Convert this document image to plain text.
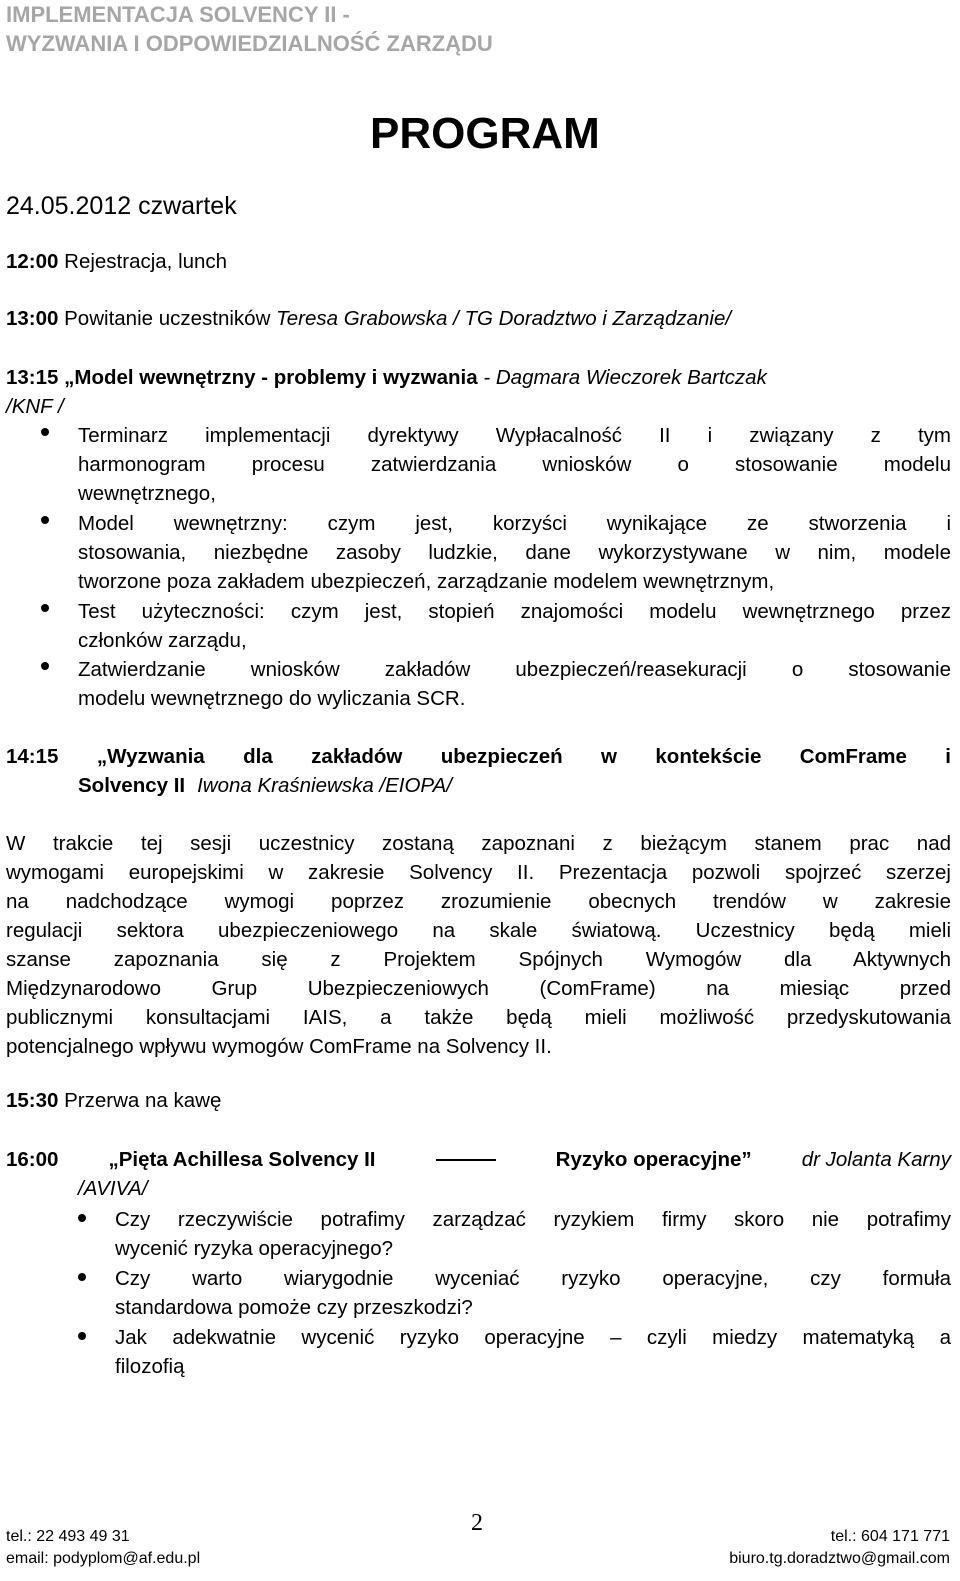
IMPLEMENTACJA SOLVENCY II -
WYZWANIA I ODPOWIEDZIALNOŚĆ ZARZĄDU
PROGRAM
24.05.2012 czwartek
12:00 Rejestracja, lunch
13:00 Powitanie uczestników Teresa Grabowska / TG Doradztwo i Zarządzanie/
13:15 „Model wewnętrzny - problemy i wyzwania - Dagmara Wieczorek Bartczak
/KNF /
Terminarz implementacji dyrektywy Wypłacalność II i związany z tym
harmonogram procesu zatwierdzania wniosków o stosowanie modelu
wewnętrznego,
Model wewnętrzny: czym jest, korzyści wynikające ze stworzenia i
stosowania, niezbędne zasoby ludzkie, dane wykorzystywane w nim, modele
tworzone poza zakładem ubezpieczeń, zarządzanie modelem wewnętrznym,
Test użyteczności: czym jest, stopień znajomości modelu wewnętrznego przez
członków zarządu,
Zatwierdzanie wniosków zakładów ubezpieczeń/reasekuracji o stosowanie
modelu wewnętrznego do wyliczania SCR.
14:15 „Wyzwania dla zakładów ubezpieczeń w kontekście ComFrame i
Solvency II Iwona Kraśniewska /EIOPA/
W trakcie tej sesji uczestnicy zostaną zapoznani z bieżącym stanem prac nad
wymogami europejskimi w zakresie Solvency II. Prezentacja pozwoli spojrzeć szerzej
na nadchodzące wymogi poprzez zrozumienie obecnych trendów w zakresie
regulacji sektora ubezpieczeniowego na skale światową. Uczestnicy będą mieli
szanse zapoznania się z Projektem Spójnych Wymogów dla Aktywnych
Międzynarodowo Grup Ubezpieczeniowych (ComFrame) na miesiąc przed
publicznymi konsultacjami IAIS, a także będą mieli możliwość przedyskutowania
potencjalnego wpływu wymogów ComFrame na Solvency II.
15:30 Przerwa na kawę
16:00 „Pięta Achillesa Solvency II	Ryzyko operacyjne” dr Jolanta Karny
/AVIVA/
Czy rzeczywiście potrafimy zarządzać ryzykiem firmy skoro nie potrafimy
wycenić ryzyka operacyjnego?
Czy warto wiarygodnie wyceniać ryzyko operacyjne, czy formuła
standardowa pomoże czy przeszkodzi?
Jak adekwatnie wycenić ryzyko operacyjne – czyli miedzy matematyką a
filozofią
tel.: 22 493 49 31
email: podyplom@af.edu.pl
2
tel.: 604 171 771
biuro.tg.doradztwo@gmail.com
